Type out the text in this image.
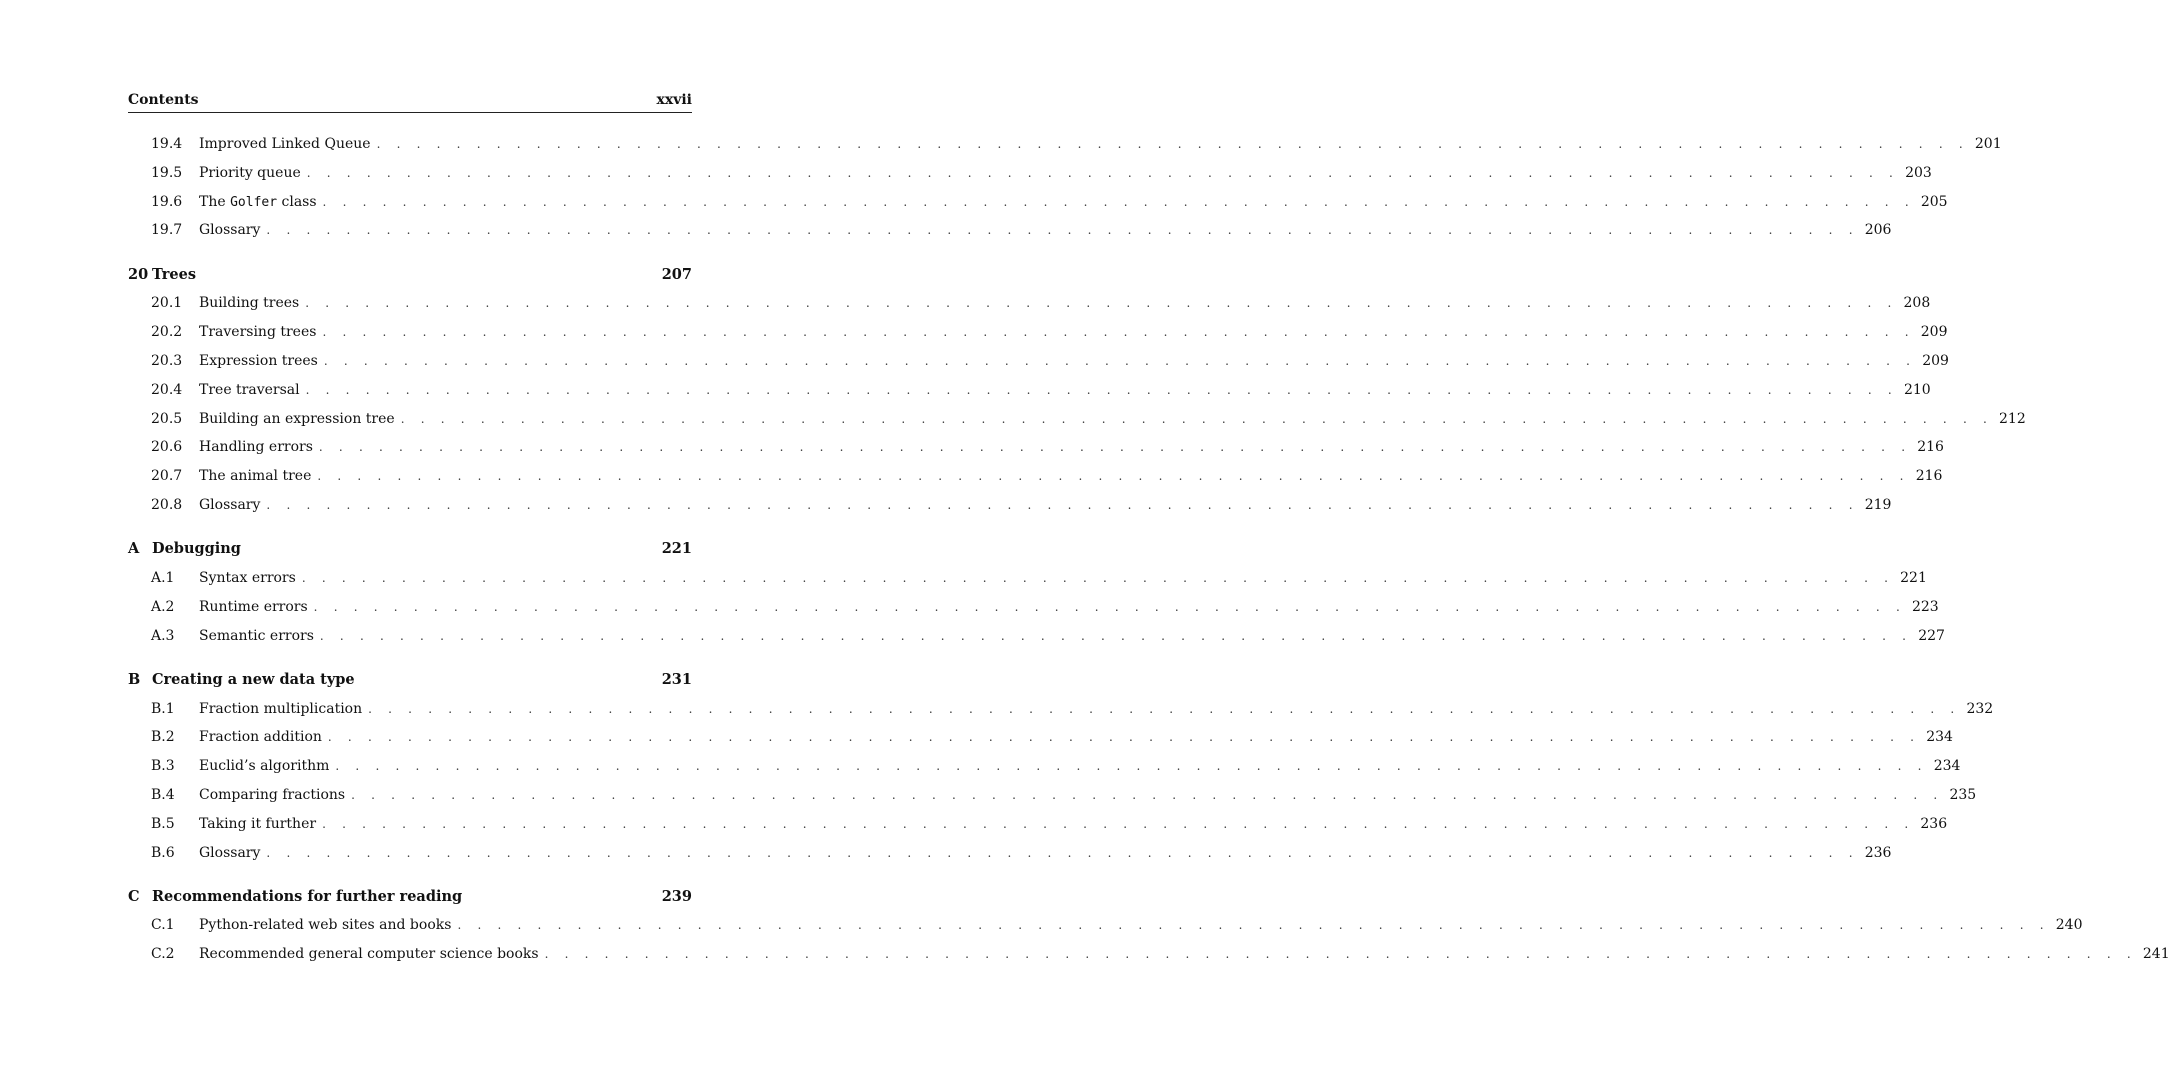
Contents	xxvii
19.4	Improved Linked Queue . . . . . . . . . . . . . . . . . . . . . . . . . . . . . . . . . . . . . . . . . . . . . . . . . . . . . . . . . . . . . . . . . . . . . . . . . . . . . . . . 201
19.5	Priority queue . . . . . . . . . . . . . . . . . . . . . . . . . . . . . . . . . . . . . . . . . . . . . . . . . . . . . . . . . . . . . . . . . . . . . . . . . . . . . . . . 203
19.6	The Golfer class . . . . . . . . . . . . . . . . . . . . . . . . . . . . . . . . . . . . . . . . . . . . . . . . . . . . . . . . . . . . . . . . . . . . . . . . . . . . . . . . 205
19.7	Glossary . . . . . . . . . . . . . . . . . . . . . . . . . . . . . . . . . . . . . . . . . . . . . . . . . . . . . . . . . . . . . . . . . . . . . . . . . . . . . . . . 206
20 Trees	207
20.1	Building trees . . . . . . . . . . . . . . . . . . . . . . . . . . . . . . . . . . . . . . . . . . . . . . . . . . . . . . . . . . . . . . . . . . . . . . . . . . . . . . . . 208
20.2	Traversing trees . . . . . . . . . . . . . . . . . . . . . . . . . . . . . . . . . . . . . . . . . . . . . . . . . . . . . . . . . . . . . . . . . . . . . . . . . . . . . . . . 209
20.3	Expression trees . . . . . . . . . . . . . . . . . . . . . . . . . . . . . . . . . . . . . . . . . . . . . . . . . . . . . . . . . . . . . . . . . . . . . . . . . . . . . . . . 209
20.4	Tree traversal . . . . . . . . . . . . . . . . . . . . . . . . . . . . . . . . . . . . . . . . . . . . . . . . . . . . . . . . . . . . . . . . . . . . . . . . . . . . . . . . 210
20.5	Building an expression tree . . . . . . . . . . . . . . . . . . . . . . . . . . . . . . . . . . . . . . . . . . . . . . . . . . . . . . . . . . . . . . . . . . . . . . . . . . . . . . . . 212
20.6	Handling errors . . . . . . . . . . . . . . . . . . . . . . . . . . . . . . . . . . . . . . . . . . . . . . . . . . . . . . . . . . . . . . . . . . . . . . . . . . . . . . . . 216
20.7	The animal tree . . . . . . . . . . . . . . . . . . . . . . . . . . . . . . . . . . . . . . . . . . . . . . . . . . . . . . . . . . . . . . . . . . . . . . . . . . . . . . . . 216
20.8	Glossary . . . . . . . . . . . . . . . . . . . . . . . . . . . . . . . . . . . . . . . . . . . . . . . . . . . . . . . . . . . . . . . . . . . . . . . . . . . . . . . . 219
A Debugging	221
A.1	Syntax errors . . . . . . . . . . . . . . . . . . . . . . . . . . . . . . . . . . . . . . . . . . . . . . . . . . . . . . . . . . . . . . . . . . . . . . . . . . . . . . . . 221
A.2	Runtime errors . . . . . . . . . . . . . . . . . . . . . . . . . . . . . . . . . . . . . . . . . . . . . . . . . . . . . . . . . . . . . . . . . . . . . . . . . . . . . . . . 223
A.3	Semantic errors . . . . . . . . . . . . . . . . . . . . . . . . . . . . . . . . . . . . . . . . . . . . . . . . . . . . . . . . . . . . . . . . . . . . . . . . . . . . . . . . 227
B Creating a new data type	231
B.1	Fraction multiplication . . . . . . . . . . . . . . . . . . . . . . . . . . . . . . . . . . . . . . . . . . . . . . . . . . . . . . . . . . . . . . . . . . . . . . . . . . . . . . . . 232
B.2	Fraction addition . . . . . . . . . . . . . . . . . . . . . . . . . . . . . . . . . . . . . . . . . . . . . . . . . . . . . . . . . . . . . . . . . . . . . . . . . . . . . . . . 234
B.3	Euclid’s algorithm . . . . . . . . . . . . . . . . . . . . . . . . . . . . . . . . . . . . . . . . . . . . . . . . . . . . . . . . . . . . . . . . . . . . . . . . . . . . . . . . 234
B.4	Comparing fractions . . . . . . . . . . . . . . . . . . . . . . . . . . . . . . . . . . . . . . . . . . . . . . . . . . . . . . . . . . . . . . . . . . . . . . . . . . . . . . . . 235
B.5	Taking it further . . . . . . . . . . . . . . . . . . . . . . . . . . . . . . . . . . . . . . . . . . . . . . . . . . . . . . . . . . . . . . . . . . . . . . . . . . . . . . . . 236
B.6	Glossary . . . . . . . . . . . . . . . . . . . . . . . . . . . . . . . . . . . . . . . . . . . . . . . . . . . . . . . . . . . . . . . . . . . . . . . . . . . . . . . . 236
C Recommendations for further reading	239
C.1	Python-related web sites and books . . . . . . . . . . . . . . . . . . . . . . . . . . . . . . . . . . . . . . . . . . . . . . . . . . . . . . . . . . . . . . . . . . . . . . . . . . . . . . . . 240
C.2	Recommended general computer science books . . . . . . . . . . . . . . . . . . . . . . . . . . . . . . . . . . . . . . . . . . . . . . . . . . . . . . . . . . . . . . . . . . . . . . . . . . . . . . . . 241
